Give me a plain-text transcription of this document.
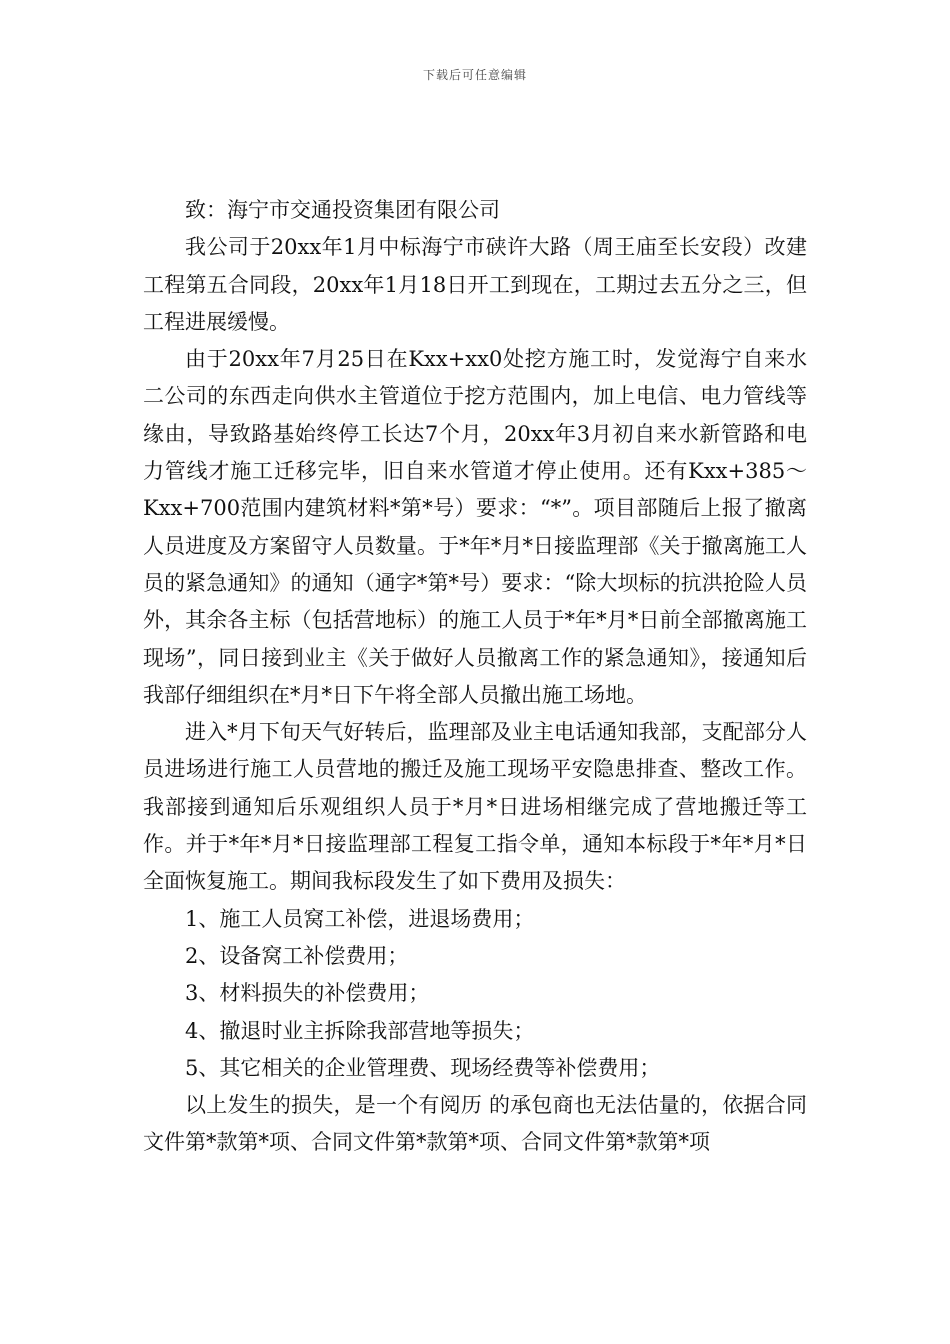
下载后可任意编辑

致：海宁市交通投资集团有限公司

我公司于20xx年1月中标海宁市硖许大路（周王庙至长安段）改建工程第五合同段，20xx年1月18日开工到现在，工期过去五分之三，但工程进展缓慢。

由于20xx年7月25日在Kxx+xx0处挖方施工时，发觉海宁自来水二公司的东西走向供水主管道位于挖方范围内，加上电信、电力管线等缘由，导致路基始终停工长达7个月，20xx年3月初自来水新管路和电力管线才施工迁移完毕，旧自来水管道才停止使用。还有Kxx+385～Kxx+700范围内建筑材料*第*号）要求：“*”。项目部随后上报了撤离人员进度及方案留守人员数量。于*年*月*日接监理部《关于撤离施工人员的紧急通知》的通知（通字*第*号）要求：“除大坝标的抗洪抢险人员外，其余各主标（包括营地标）的施工人员于*年*月*日前全部撤离施工现场”，同日接到业主《关于做好人员撤离工作的紧急通知》，接通知后我部仔细组织在*月*日下午将全部人员撤出施工场地。

进入*月下旬天气好转后，监理部及业主电话通知我部，支配部分人员进场进行施工人员营地的搬迁及施工现场平安隐患排查、整改工作。我部接到通知后乐观组织人员于*月*日进场相继完成了营地搬迁等工作。并于*年*月*日接监理部工程复工指令单，通知本标段于*年*月*日全面恢复施工。期间我标段发生了如下费用及损失：

1、施工人员窝工补偿，进退场费用；

2、设备窝工补偿费用；

3、材料损失的补偿费用；

4、撤退时业主拆除我部营地等损失；

5、其它相关的企业管理费、现场经费等补偿费用；

以上发生的损失，是一个有阅历 的承包商也无法估量的，依据合同文件第*款第*项、合同文件第*款第*项、合同文件第*款第*项
